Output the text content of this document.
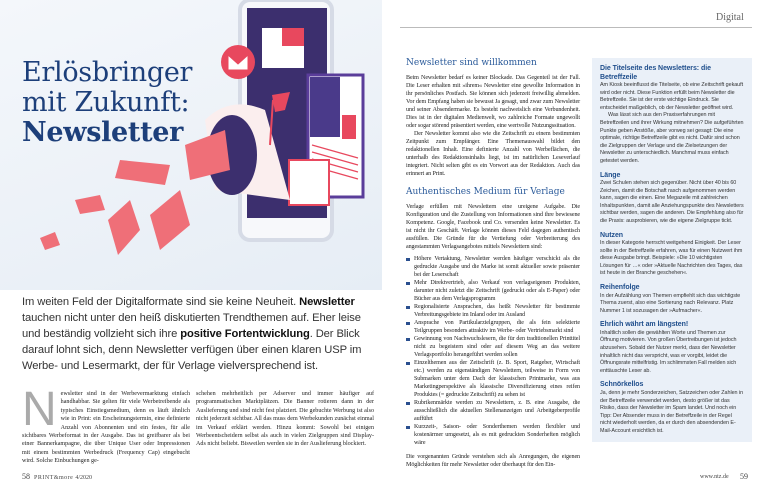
Erlösbringer
mit Zukunft:
Newsletter
Im weiten Feld der Digitalformate sind sie keine Neuheit. Newsletter tauchen nicht unter den heiß diskutierten Trendthemen auf. Eher leise und beständig vollzieht sich ihre positive Fortentwicklung. Der Blick darauf lohnt sich, denn Newsletter verfügen über einen klaren USP im Werbe- und Lesermarkt, der für Verlage vielversprechend ist.
Newsletter sind in der Werbevermarktung einfach handhabbar. Sie gelten für viele Werbetreibende als typisches Einstiegsmedium, denn es läuft ähnlich wie in Print: ein Erscheinungstermin, eine definierte Anzahl von Abonnenten und ein festes, für alle sichtbares Werbeformat in der Ausgabe. Das ist greifbarer als bei einer Bannerkampagne, die über Unique User oder Impressionen mit einem bestimmten Werbedruck (Frequency Cap) eingebucht wird. Solche Einbuchungen ge-
schehen mehrheitlich per Adserver und immer häufiger auf programmatischen Marktplätzen. Die Banner rotieren dann in der Auslieferung und sind nicht fest platziert. Die gebuchte Werbung ist also nicht jederzeit sichtbar. All das muss dem Werbekunden zunächst einmal im Verkauf erklärt werden. Hinzu kommt: Sowohl bei einigen Werbeentscheidern selbst als auch in vielen Zielgruppen sind Display-Ads nicht beliebt. Bisweilen werden sie in der Auslieferung blockiert.
58 PRINT&more 4/2020
Digital
Newsletter sind willkommen

Beim Newsletter bedarf es keiner Blockade. Das Gegenteil ist der Fall. Die Leser erhalten mit »ihrem« Newsletter eine gewollte Information in ihr persönliches Postfach. Sie können sich jederzeit freiwillig abmelden. Vor dem Empfang haben sie bewusst Ja gesagt, und zwar zum Newsletter und seiner Absendermarke. Es besteht nachweislich eine Verbundenheit. Dies ist in der digitalen Medienwelt, wo zahlreiche Formate ungewollt oder sogar störend präsentiert werden, eine wertvolle Nutzungssituation.

Der Newsletter kommt also wie die Zeitschrift zu einem bestimmten Zeitpunkt zum Empfänger. Eine Themenauswahl bildet den redaktionellen Inhalt. Eine definierte Anzahl von Werbeflächen, die unterhalb des Redaktionsinhalts liegt, ist im natürlichen Leseverlauf integriert. Nicht selten gibt es ein Vorwort aus der Redaktion. Auch das erinnert an Print.

Authentisches Medium für Verlage

Verlage erfüllen mit Newslettern eine ureigene Aufgabe. Die Konfiguration und die Zustellung von Informationen sind ihre bewiesene Kompetenz. Google, Facebook und Co. versenden keine Newsletter. Es ist nicht ihr Geschäft. Verlage können dieses Feld dagegen authentisch ausfüllen. Die Gründe für die Vertiefung oder Verbreiterung des angestammten Verlagsangebotes mittels Newslettern sind:

Höhere Vertaktung, Newsletter werden häufiger verschickt als die gedruckte Ausgabe und die Marke ist somit aktueller sowie präsenter bei der Leserschaft
Mehr Direktvertrieb, also Verkauf von verlagseigenen Produkten, darunter nicht zuletzt die Zeitschrift (gedruckt oder als E-Paper) oder Bücher aus dem Verlagsprogramm
Regionalisierte Ansprachen, das heißt Newsletter für bestimmte Verbreitungsgebiete im Inland oder im Ausland
Ansprache von Partikularzielgruppen, die als fein selektierte Teilgruppen besonders attraktiv im Werbe- oder Vertriebsmarkt sind
Gewinnung von Nachwuchslesern, die für den traditionellen Printtitel nicht zu begeistern sind oder auf diesem Weg an das weitere Verlagsportfolio herangeführt werden sollen
Einzelthemen aus der Zeitschrift (z. B. Sport, Ratgeber, Wirtschaft etc.) werden zu eigenständigen Newslettern, teilweise in Form von Submarken unter dem Dach der klassischen Printmarke, was aus Marketingperspektive als klassische Diversifizierung eines reifen Produktes (= gedruckte Zeitschrift) zu sehen ist
Rubrikenmärkte werden zu Newslettern, z. B. eine Ausgabe, die ausschließlich die aktuellen Stellenanzeigen und Arbeitgeberprofile aufführt
Kurzzeit-, Saison- oder Sonderthemen werden flexibler und kostenärmer umgesetzt, als es mit gedruckten Sonderheften möglich wäre

Die vorgenannten Gründe verstehen sich als Anregungen, die eigenen Möglichkeiten für mehr Newsletter oder überhaupt für den Ein-

Die Titelseite des Newsletters: die Betreffzeile

Am Kiosk beeinflusst die Titelseite, ob eine Zeitschrift gekauft wird oder nicht. Diese Funktion erfüllt beim Newsletter die Betreffzeile. Sie ist der erste wichtige Eindruck. Sie entscheidet maßgeblich, ob der Newsletter geöffnet wird.

Was lässt sich aus den Praxiserfahrungen mit Betreffzeilen und ihrer Wirkung mitnehmen? Die aufgeführten Punkte geben Anstöße, aber vorweg sei gesagt: Die eine optimale, richtige Betreffzeile gibt es nicht. Dafür sind schon die Zielgruppen der Verlage und die Zielsetzungen der Newsletter zu unterschiedlich. Manchmal muss einfach getestet werden.

Länge

Zwei Schulen stehen sich gegenüber. Nicht über 40 bis 60 Zeichen, damit die Botschaft rasch aufgenommen werden kann, sagen die einen. Eine Megazeile mit zahlreichen Inhaltspunkten, damit alle Anziehungspunkte des Newsletters sichtbar werden, sagen die anderen. Die Empfehlung also für die Praxis: ausprobieren, wie die eigene Zielgruppe tickt.

Nutzen

In dieser Kategorie herrscht weitgehend Einigkeit. Der Leser sollte in der Betreffzeile erfahren, was für einen Nutzwert ihm diese Ausgabe bringt. Beispiele: »Die 10 wichtigsten Lösungen für …« oder »Aktuelle Nachrichten des Tages, das ist heute in der Branche geschehen«.

Reihenfolge

In der Aufzählung von Themen empfiehlt sich das wichtigste Thema zuerst, also eine Sortierung nach Relevanz. Platz Nummer 1 ist sozusagen der »Aufmacher«.

Ehrlich währt am längsten!

Inhaltlich sollen die gewählten Worte und Themen zur Öffnung motivieren. Von großen Übertreibungen ist jedoch abzusehen. Sobald der Nutzer merkt, dass der Newsletter inhaltlich nicht das verspricht, was er vorgibt, leidet die Öffnungsrate mittelfristig. Im schlimmsten Fall melden sich enttäuschte Leser ab.

Schnörkellos

Ja, denn je mehr Sonderzeichen, Satzzeichen oder Zahlen in der Betreffzeile verwendet werden, desto größer ist das Risiko, dass der Newsletter im Spam landet. Und noch ein Tipp: Der Absender muss in der Betreffzeile in der Regel nicht wiederholt werden, da er durch den absendenden E-Mail-Account ersichtlich ist.

www.ntz.de 59
